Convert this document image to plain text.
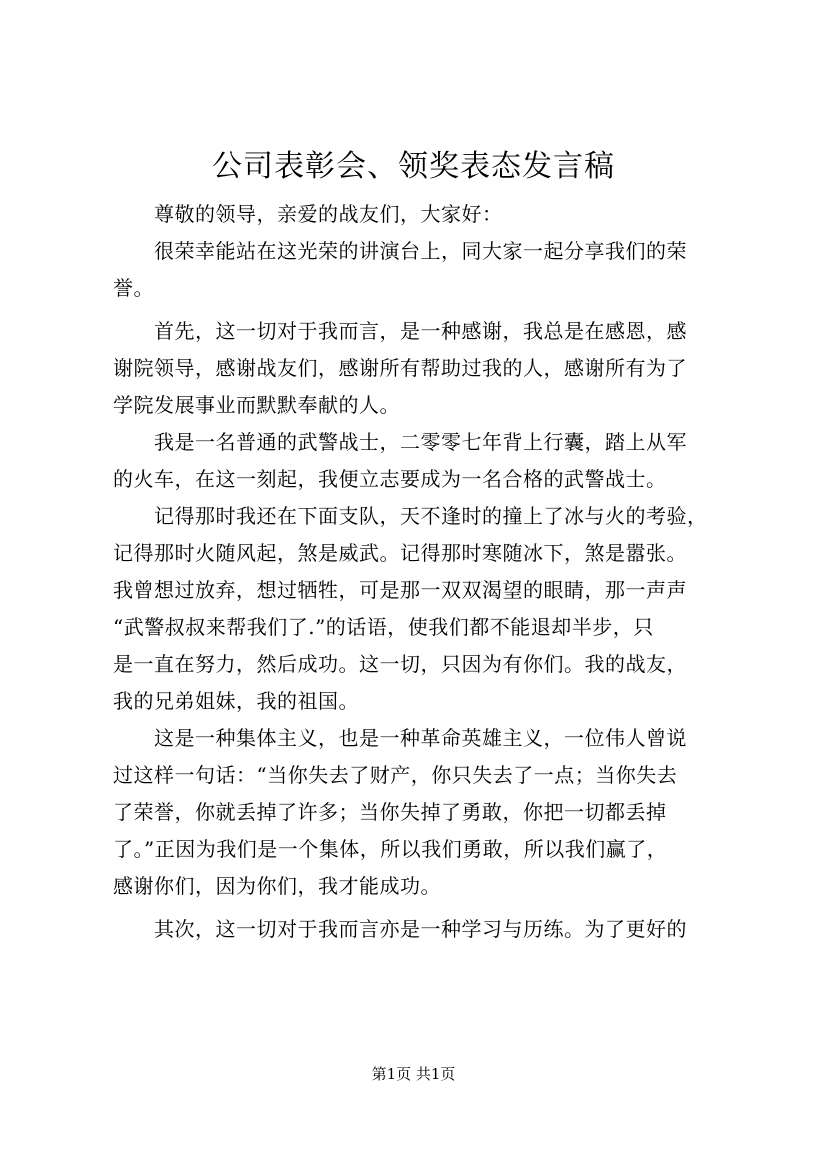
公司表彰会、领奖表态发言稿
尊敬的领导，亲爱的战友们，大家好：
很荣幸能站在这光荣的讲演台上，同大家一起分享我们的荣
誉。
首先，这一切对于我而言，是一种感谢，我总是在感恩，感
谢院领导，感谢战友们，感谢所有帮助过我的人，感谢所有为了
学院发展事业而默默奉献的人。
我是一名普通的武警战士，二零零七年背上行囊，踏上从军
的火车，在这一刻起，我便立志要成为一名合格的武警战士。
记得那时我还在下面支队，天不逢时的撞上了冰与火的考验，
记得那时火随风起，煞是威武。记得那时寒随冰下，煞是嚣张。
我曾想过放弃，想过牺牲，可是那一双双渴望的眼睛，那一声声
“武警叔叔来帮我们了.”的话语，使我们都不能退却半步，只
是一直在努力，然后成功。这一切，只因为有你们。我的战友，
我的兄弟姐妹，我的祖国。
这是一种集体主义，也是一种革命英雄主义，一位伟人曾说
过这样一句话：“当你失去了财产，你只失去了一点；当你失去
了荣誉，你就丢掉了许多；当你失掉了勇敢，你把一切都丢掉
了。”正因为我们是一个集体，所以我们勇敢，所以我们赢了，
感谢你们，因为你们，我才能成功。
其次，这一切对于我而言亦是一种学习与历练。为了更好的
第1页 共1页
